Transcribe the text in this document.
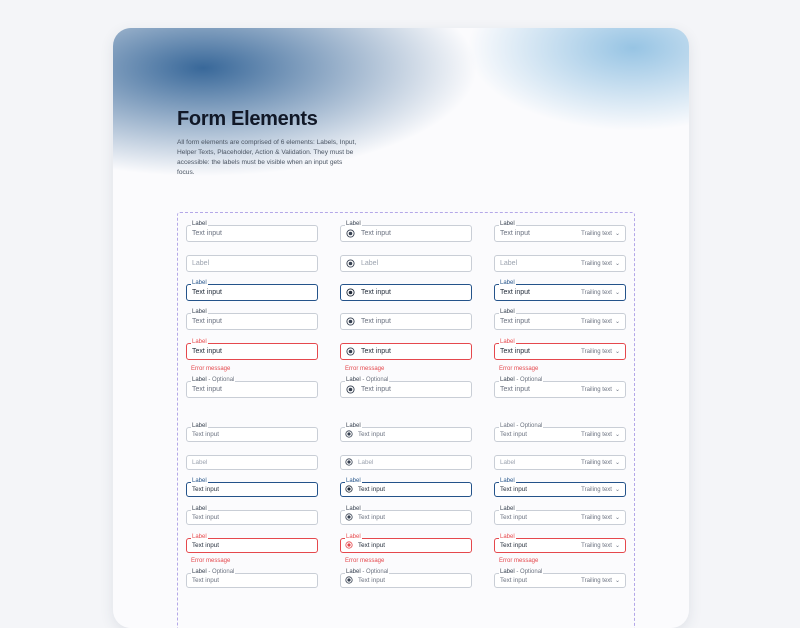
Form Elements
All form elements are comprised of 6 elements: Labels, Input, Helper Texts, Placeholder, Action & Validation. They must be accessible: the labels must be visible when an input gets focus.
Label
Text input
Label
Label
Text input
Label
Text input
Label
Text input
Error message
Label - Optional
Text input
Label
Text input
Label
Text input
Text input
Text input
Error message
Label - Optional
Text input
Label
Text input	Trailing text ⌄
Label	Trailing text ⌄
Label
Text input	Trailing text ⌄
Label
Text input	Trailing text ⌄
Label
Text input	Trailing text ⌄
Error message
Label - Optional
Text input	Trailing text ⌄
Label
Text input
Label
Label
Text input
Label
Text input
Label
Text input
Error message
Label - Optional
Text input
Label
Text input
Label
Label
Text input
Label
Text input
Label
Text input
Error message
Label - Optional
Text input
Label - Optional
Text input	Trailing text ⌄
Label	Trailing text ⌄
Label
Text input	Trailing text ⌄
Label
Text input	Trailing text ⌄
Label
Text input	Trailing text ⌄
Error message
Label - Optional
Text input	Trailing text ⌄
